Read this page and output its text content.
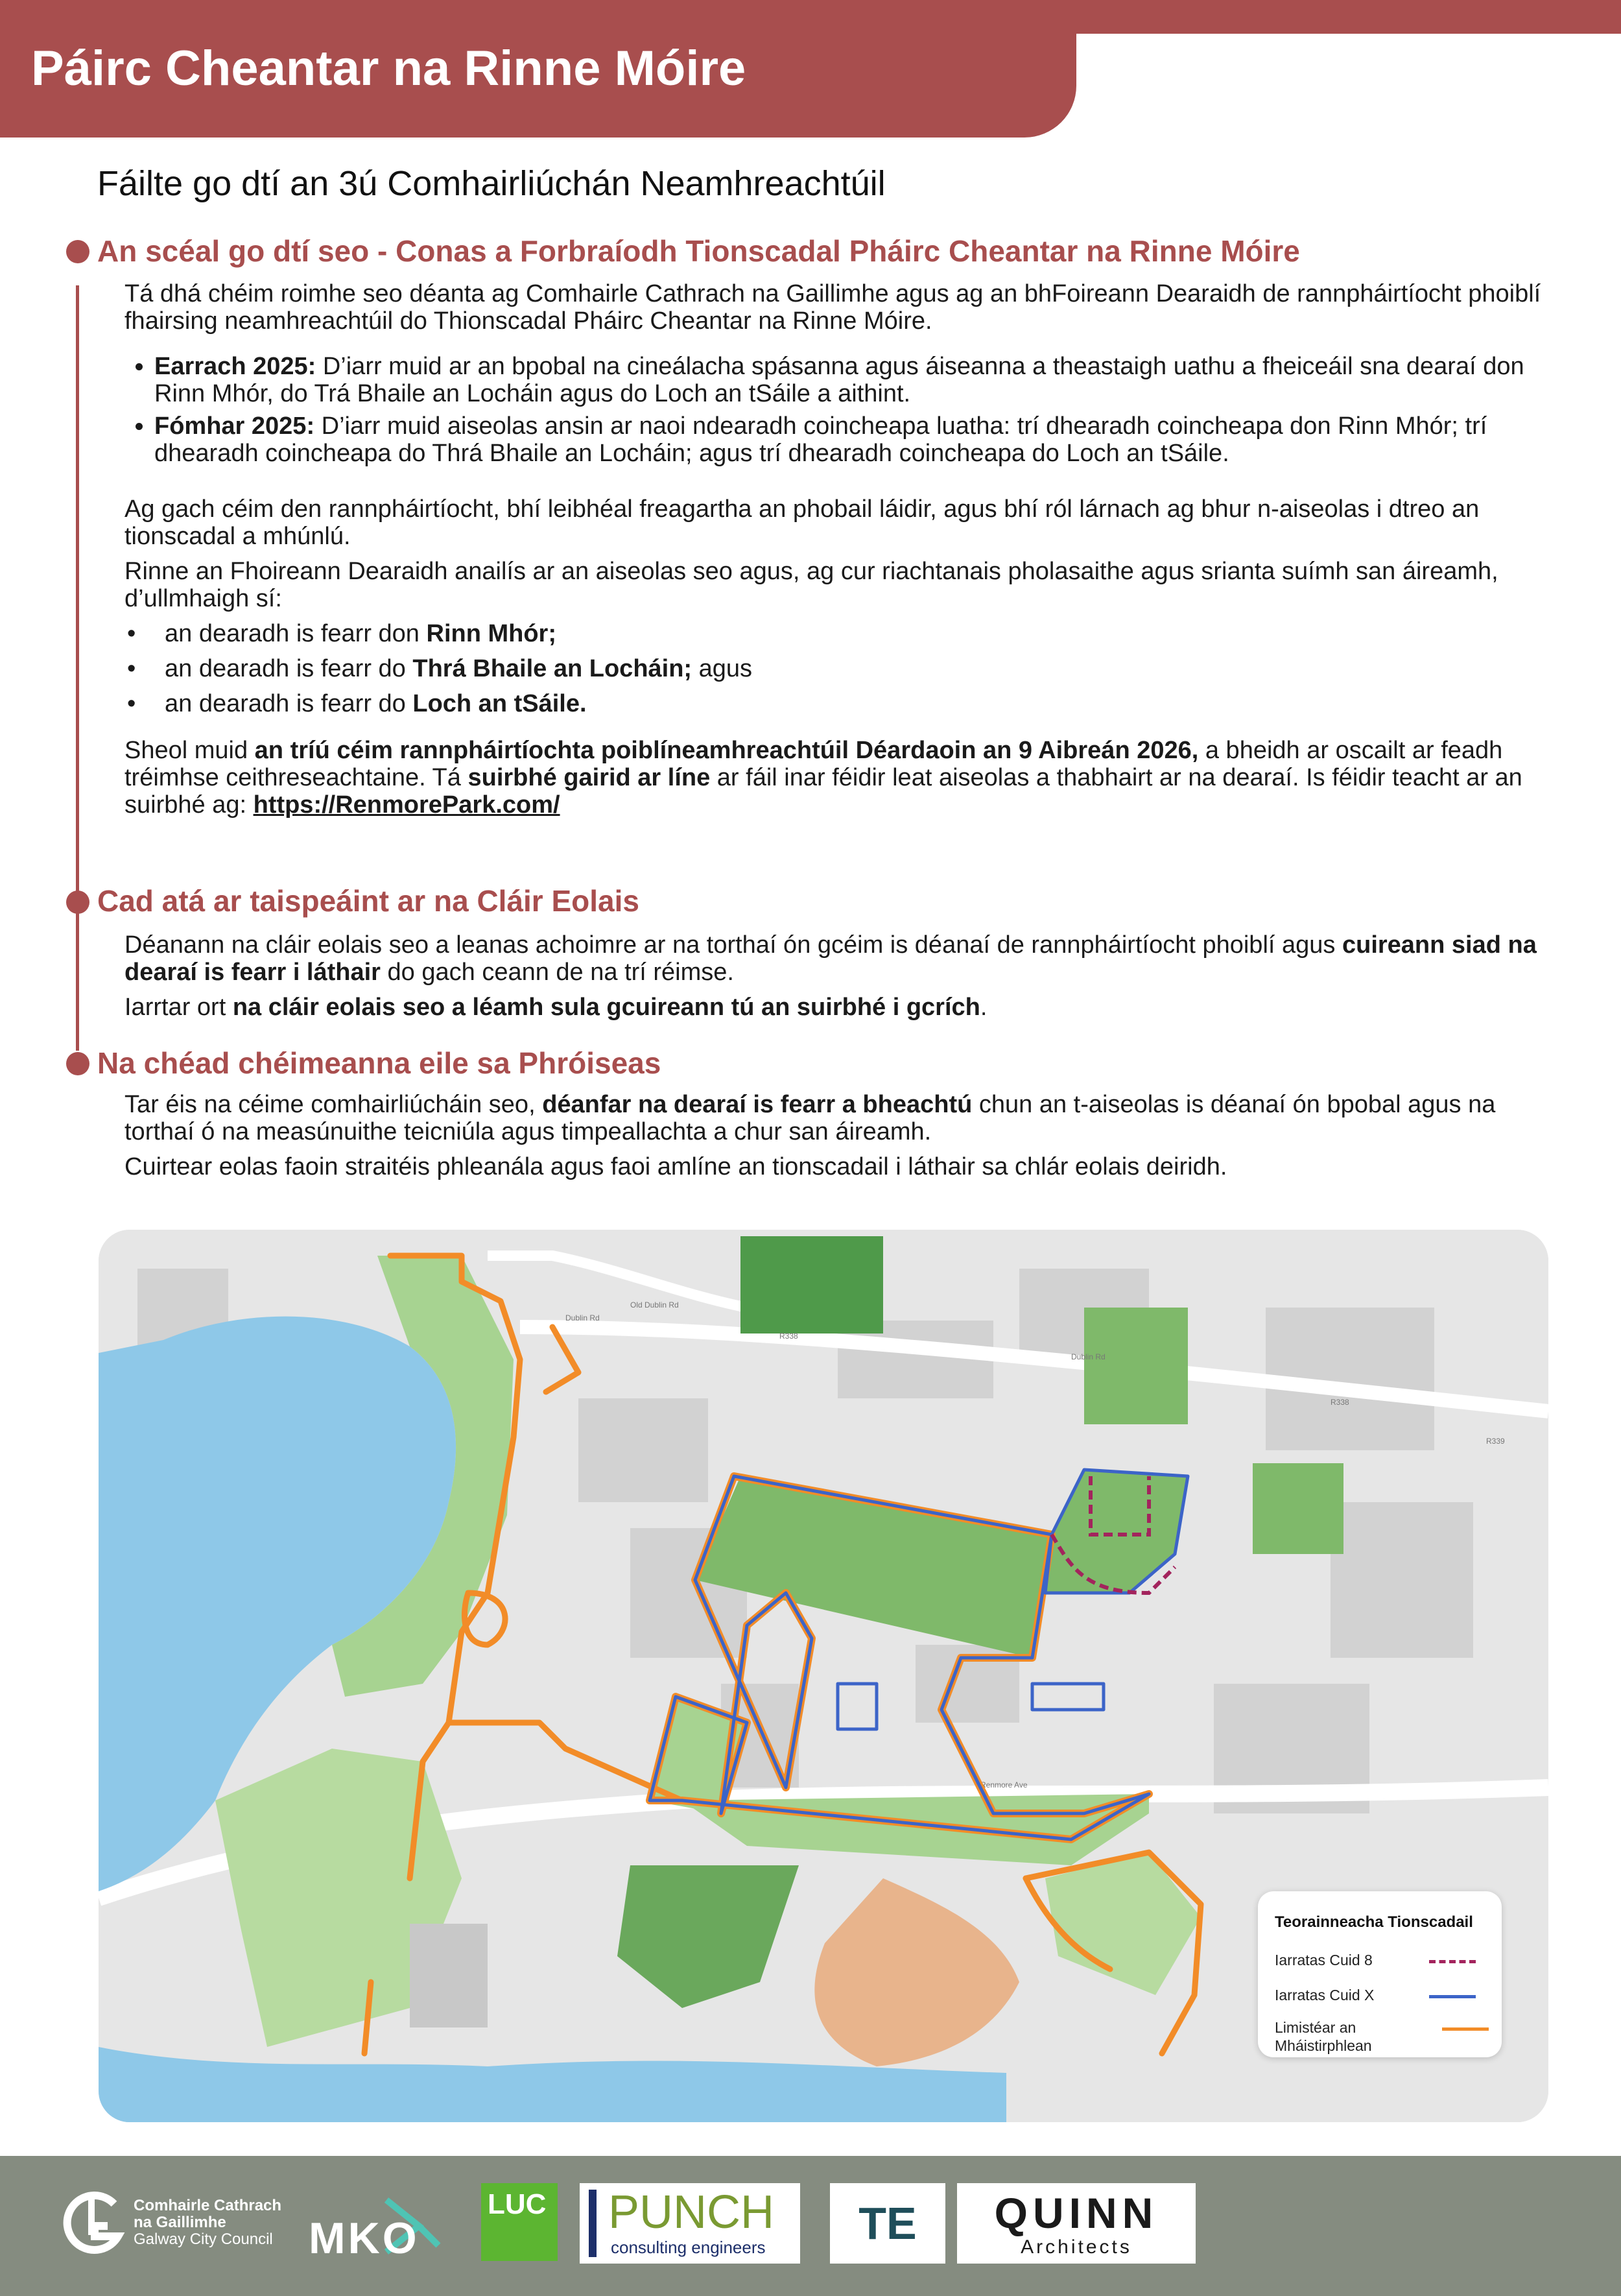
Páirc Cheantar na Rinne Móire
Fáilte go dtí an 3ú Comhairliúchán Neamhreachtúil
An scéal go dtí seo - Conas a Forbraíodh Tionscadal Pháirc Cheantar na Rinne Móire

Tá dhá chéim roimhe seo déanta ag Comhairle Cathrach na Gaillimhe agus ag an bhFoireann Dearaidh de rannpháirtíocht phoiblí fhairsing neamhreachtúil do Thionscadal Pháirc Cheantar na Rinne Móire.

• Earrach 2025: D’iarr muid ar an bpobal na cineálacha spásanna agus áiseanna a theastaigh uathu a fheiceáil sna dearaí don Rinn Mhór, do Trá Bhaile an Locháin agus do Loch an tSáile a aithint.
• Fómhar 2025: D’iarr muid aiseolas ansin ar naoi ndearadh coincheapa luatha: trí dhearadh coincheapa don Rinn Mhór; trí dhearadh coincheapa do Thrá Bhaile an Locháin; agus trí dhearadh coincheapa do Loch an tSáile.

Ag gach céim den rannpháirtíocht, bhí leibhéal freagartha an phobail láidir, agus bhí ról lárnach ag bhur n-aiseolas i dtreo an tionscadal a mhúnlú.

Rinne an Fhoireann Dearaidh anailís ar an aiseolas seo agus, ag cur riachtanais pholasaithe agus srianta suímh san áireamh, d’ullmhaigh sí:

• an dearadh is fearr don Rinn Mhór;
• an dearadh is fearr do Thrá Bhaile an Locháin; agus
• an dearadh is fearr do Loch an tSáile.

Sheol muid an tríú céim rannpháirtíochta poiblíneamhreachtúil Déardaoin an 9 Aibreán 2026, a bheidh ar oscailt ar feadh tréimhse ceithreseachtaine. Tá suirbhé gairid ar líne ar fáil inar féidir leat aiseolas a thabhairt ar na dearaí. Is féidir teacht ar an suirbhé ag: https://RenmorePark.com/

Cad atá ar taispeáint ar na Cláir Eolais

Déanann na cláir eolais seo a leanas achoimre ar na torthaí ón gcéim is déanaí de rannpháirtíocht phoiblí agus cuireann siad na dearaí is fearr i láthair do gach ceann de na trí réimse.

Iarrtar ort na cláir eolais seo a léamh sula gcuireann tú an suirbhé i gcrích.

Na chéad chéimeanna eile sa Phróiseas

Tar éis na céime comhairliúcháin seo, déanfar na dearaí is fearr a bheachtú chun an t-aiseolas is déanaí ón bpobal agus na torthaí ó na measúnuithe teicniúla agus timpeallachta a chur san áireamh.

Cuirtear eolas faoin straitéis phleanála agus faoi amlíne an tionscadail i láthair sa chlár eolais deiridh.

Dublin Rd
Old Dublin Rd
R338
Dublin Rd
R338
R339
Renmore Ave
Teorainneacha Tionscadail
Iarratas Cuid 8
Iarratas Cuid X
Limistéar an Mháistirphlean
Comhairle Cathrach
na Gaillimhe
Galway City Council MKO
LUC PUNCH
consulting engineers	TE	QUINN
Architects
